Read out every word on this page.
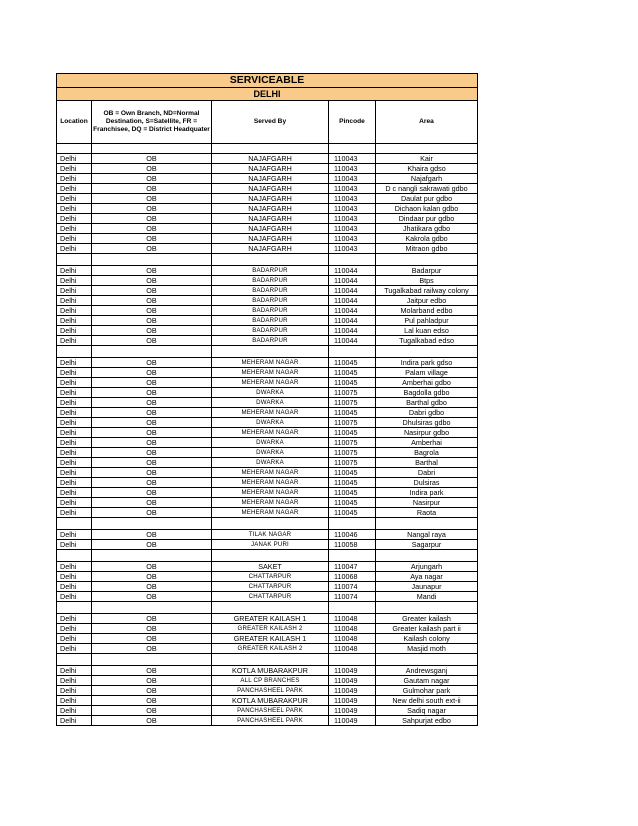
SERVICEABLE				
DELHI				
Location	OB = Own Branch, ND=Normal Destination, S=Satellite, FR = Franchisee, DQ = District Headquater	Served By	Pincode	Area

Delhi	OB	NAJAFGARH	110043	Kair
Delhi	OB	NAJAFGARH	110043	Khaira gdso
Delhi	OB	NAJAFGARH	110043	Najafgarh
Delhi	OB	NAJAFGARH	110043	D c nangli sakrawati gdbo
Delhi	OB	NAJAFGARH	110043	Daulat pur gdbo
Delhi	OB	NAJAFGARH	110043	Dichaon kalan gdbo
Delhi	OB	NAJAFGARH	110043	Dindaar pur gdbo
Delhi	OB	NAJAFGARH	110043	Jhatikara gdbo
Delhi	OB	NAJAFGARH	110043	Kakrola gdbo
Delhi	OB	NAJAFGARH	110043	Mitraon gdbo

Delhi	OB	BADARPUR	110044	Badarpur
Delhi	OB	BADARPUR	110044	Btps
Delhi	OB	BADARPUR	110044	Tugalkabad railway colony
Delhi	OB	BADARPUR	110044	Jaitpur edbo
Delhi	OB	BADARPUR	110044	Molarband edbo
Delhi	OB	BADARPUR	110044	Pul pahladpur
Delhi	OB	BADARPUR	110044	Lal kuan edso
Delhi	OB	BADARPUR	110044	Tugalkabad edso

Delhi	OB	MEHERAM NAGAR	110045	Indira park gdso
Delhi	OB	MEHERAM NAGAR	110045	Palam village
Delhi	OB	MEHERAM NAGAR	110045	Amberhai gdbo
Delhi	OB	DWARKA	110075	Bagdolla gdbo
Delhi	OB	DWARKA	110075	Barthal gdbo
Delhi	OB	MEHERAM NAGAR	110045	Dabri gdbo
Delhi	OB	DWARKA	110075	Dhulsiras gdbo
Delhi	OB	MEHERAM NAGAR	110045	Nasirpur gdbo
Delhi	OB	DWARKA	110075	Amberhai
Delhi	OB	DWARKA	110075	Bagrola
Delhi	OB	DWARKA	110075	Barthal
Delhi	OB	MEHERAM NAGAR	110045	Dabri
Delhi	OB	MEHERAM NAGAR	110045	Dulsiras
Delhi	OB	MEHERAM NAGAR	110045	Indira park
Delhi	OB	MEHERAM NAGAR	110045	Nasirpur
Delhi	OB	MEHERAM NAGAR	110045	Raota

Delhi	OB	TILAK NAGAR	110046	Nangal raya
Delhi	OB	JANAK PURI	110058	Sagarpur

Delhi	OB	SAKET	110047	Arjungarh
Delhi	OB	CHATTARPUR	110068	Aya nagar
Delhi	OB	CHATTARPUR	110074	Jaunapur
Delhi	OB	CHATTARPUR	110074	Mandi

Delhi	OB	GREATER KAILASH 1	110048	Greater kailash
Delhi	OB	GREATER KAILASH 2	110048	Greater kailash part ii
Delhi	OB	GREATER KAILASH 1	110048	Kailash colony
Delhi	OB	GREATER KAILASH 2	110048	Masjid moth

Delhi	OB	KOTLA MUBARAKPUR	110049	Andrewsganj
Delhi	OB	ALL CP BRANCHES	110049	Gautam nagar
Delhi	OB	PANCHASHEEL PARK	110049	Gulmohar park
Delhi	OB	KOTLA MUBARAKPUR	110049	New delhi south ext-ii
Delhi	OB	PANCHASHEEL PARK	110049	Sadiq nagar
Delhi	OB	PANCHASHEEL PARK	110049	Sahpurjat edbo
